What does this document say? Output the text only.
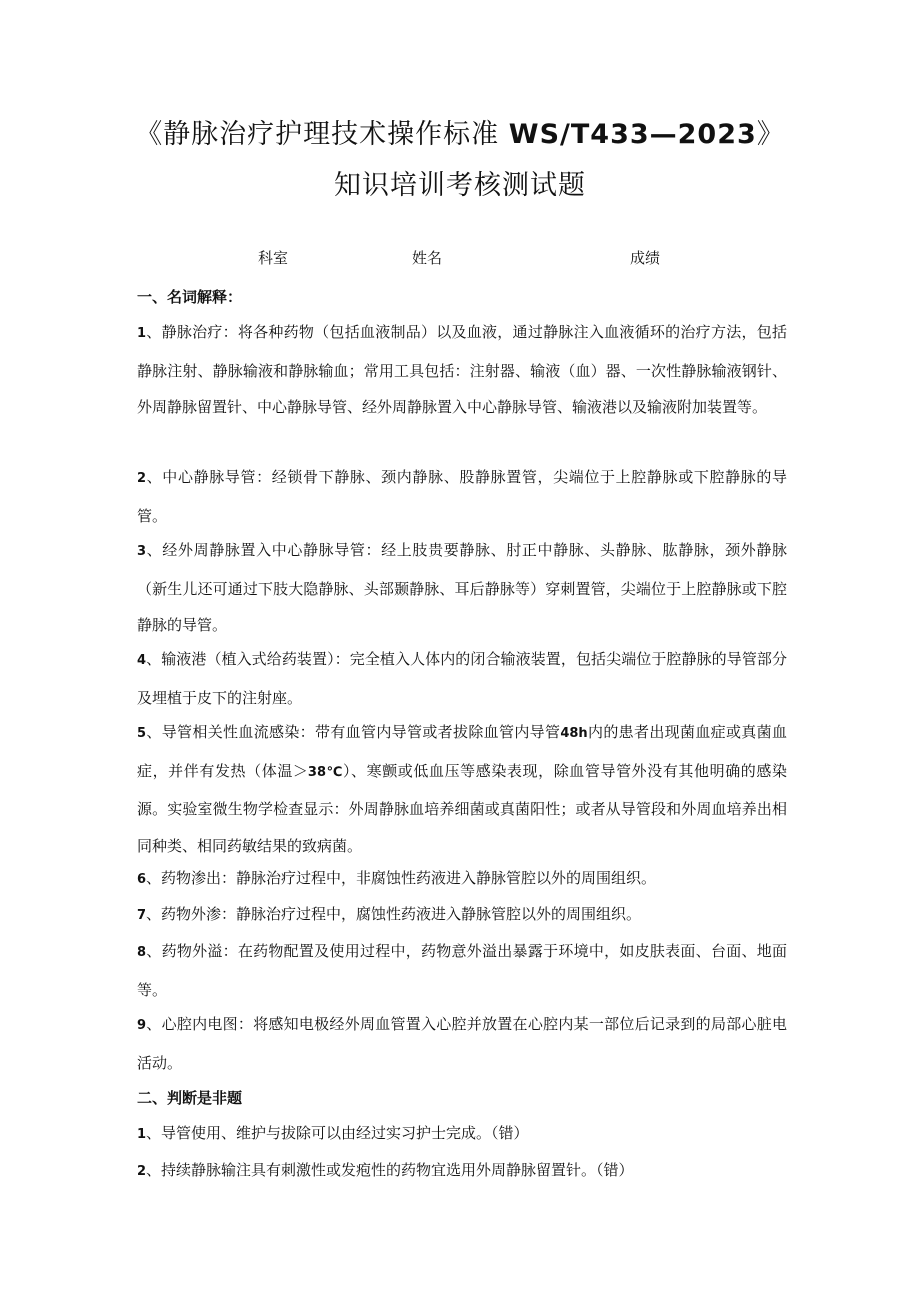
《静脉治疗护理技术操作标准 WS/T433—2023》
知识培训考核测试题
科室	姓名	成绩
一、名词解释：
1、静脉治疗：将各种药物（包括血液制品）以及血液，通过静脉注入血液循环的治疗方法，包括静脉注射、静脉输液和静脉输血；常用工具包括：注射器、输液（血）器、一次性静脉输液钢针、外周静脉留置针、中心静脉导管、经外周静脉置入中心静脉导管、输液港以及输液附加装置等。
2、中心静脉导管：经锁骨下静脉、颈内静脉、股静脉置管，尖端位于上腔静脉或下腔静脉的导管。
3、经外周静脉置入中心静脉导管：经上肢贵要静脉、肘正中静脉、头静脉、肱静脉，颈外静脉（新生儿还可通过下肢大隐静脉、头部颞静脉、耳后静脉等）穿刺置管，尖端位于上腔静脉或下腔静脉的导管。
4、输液港（植入式给药装置）：完全植入人体内的闭合输液装置，包括尖端位于腔静脉的导管部分及埋植于皮下的注射座。
5、导管相关性血流感染：带有血管内导管或者拔除血管内导管48h内的患者出现菌血症或真菌血症，并伴有发热（体温＞38℃）、寒颤或低血压等感染表现，除血管导管外没有其他明确的感染源。实验室微生物学检查显示：外周静脉血培养细菌或真菌阳性；或者从导管段和外周血培养出相同种类、相同药敏结果的致病菌。
6、药物渗出：静脉治疗过程中，非腐蚀性药液进入静脉管腔以外的周围组织。
7、药物外渗：静脉治疗过程中，腐蚀性药液进入静脉管腔以外的周围组织。
8、药物外溢：在药物配置及使用过程中，药物意外溢出暴露于环境中，如皮肤表面、台面、地面等。
9、心腔内电图：将感知电极经外周血管置入心腔并放置在心腔内某一部位后记录到的局部心脏电活动。
二、判断是非题
1、导管使用、维护与拔除可以由经过实习护士完成。（错）
2、持续静脉输注具有刺激性或发疱性的药物宜选用外周静脉留置针。（错）
